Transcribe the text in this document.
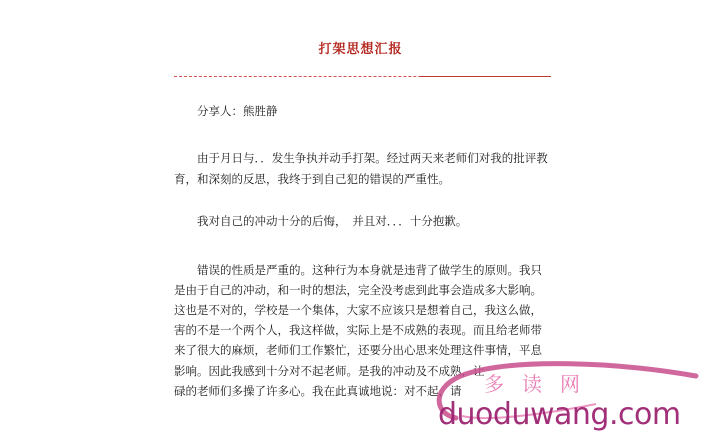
打架思想汇报
分享人：熊胜静
由于月日与．．发生争执并动手打架。经过两天来老师们对我的批评教
育，和深刻的反思，我终于到自己犯的错误的严重性。
我对自己的冲动十分的后悔，　并且对．．．十分抱歉。
错误的性质是严重的。这种行为本身就是违背了做学生的原则。我只
是由于自己的冲动，和一时的想法，完全没考虑到此事会造成多大影响。
这也是不对的，学校是一个集体，大家不应该只是想着自己，我这么做，
害的不是一个两个人，我这样做，实际上是不成熟的表现。而且给老师带
来了很大的麻烦，老师们工作繁忙，还要分出心思来处理这件事情，平息
影响。因此我感到十分对不起老师。是我的冲动及不成熟，让
碌的老师们多操了许多心。我在此真诚地说：对不起，请 多读网
duoduwang.com
